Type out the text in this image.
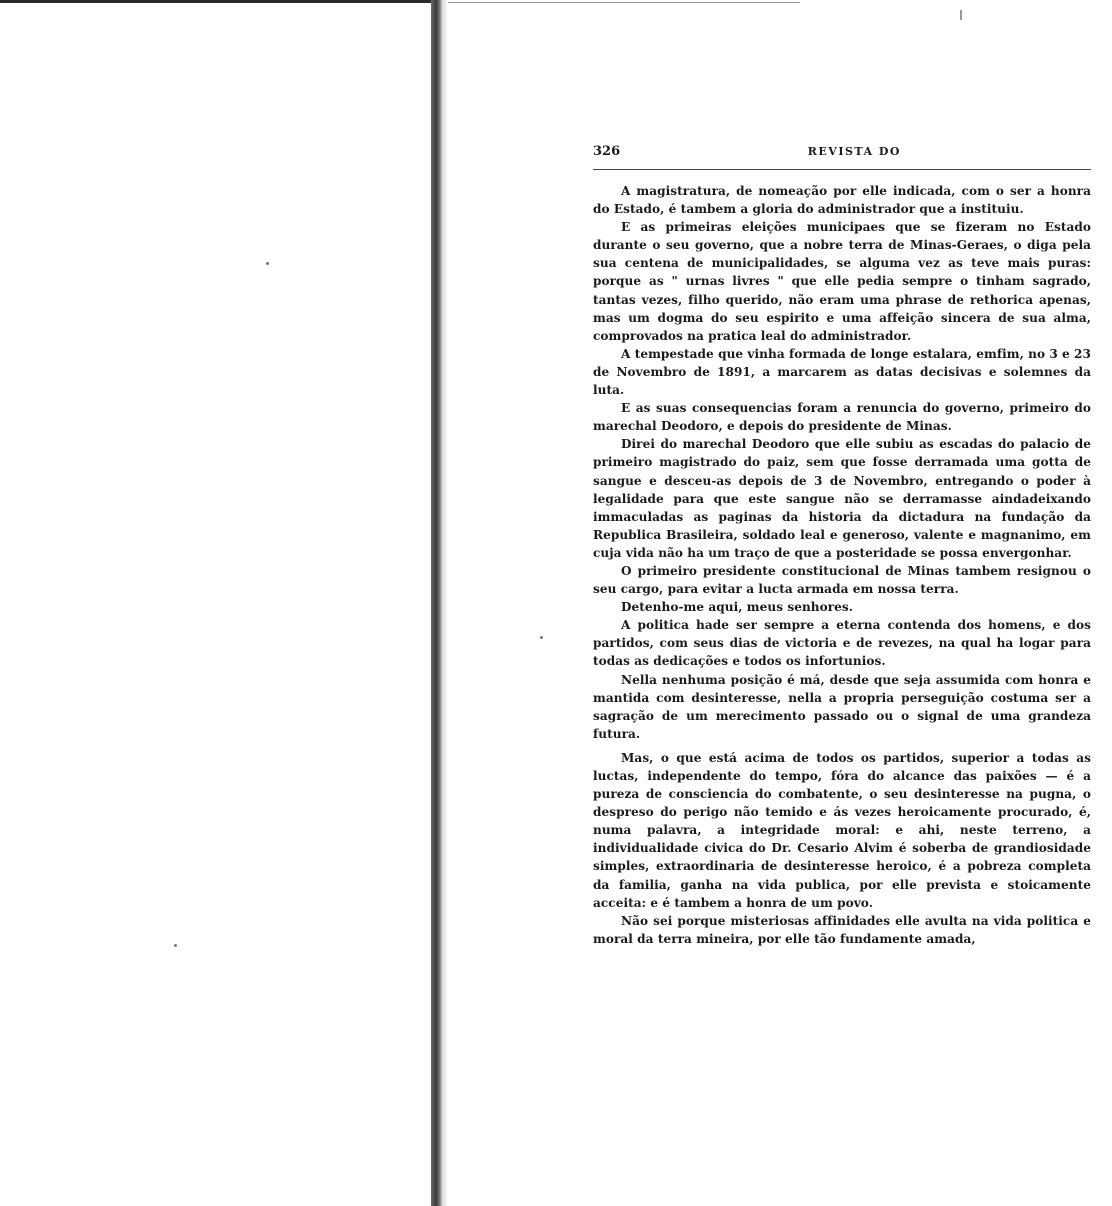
326	REVISTA DO

A magistratura, de nomeação por elle indicada, com o ser a honra do Estado, é tambem a gloria do administrador que a instituiu.

E as primeiras eleições municipaes que se fizeram no Estado durante o seu governo, que a nobre terra de Minas-Geraes, o diga pela sua centena de municipalidades, se alguma vez as teve mais puras: porque as " urnas livres " que elle pedia sempre o tinham sagrado, tantas vezes, filho querido, não eram uma phrase de rethorica apenas, mas um dogma do seu espirito e uma affeição sincera de sua alma, comprovados na pratica leal do administrador.

A tempestade que vinha formada de longe estalara, emfim, no 3 e 23 de Novembro de 1891, a marcarem as datas decisivas e solemnes da luta.

E as suas consequencias foram a renuncia do governo, primeiro do marechal Deodoro, e depois do presidente de Minas.

Direi do marechal Deodoro que elle subiu as escadas do palacio de primeiro magistrado do paiz, sem que fosse derramada uma gotta de sangue e desceu-as depois de 3 de Novembro, entregando o poder à legalidade para que este sangue não se derramasse aindadeixando immaculadas as paginas da historia da dictadura na fundação da Republica Brasileira, soldado leal e generoso, valente e magnanimo, em cuja vida não ha um traço de que a posteridade se possa envergonhar.

O primeiro presidente constitucional de Minas tambem resignou o seu cargo, para evitar a lucta armada em nossa terra.

Detenho-me aqui, meus senhores.

A politica hade ser sempre a eterna contenda dos homens, e dos partidos, com seus dias de victoria e de revezes, na qual ha logar para todas as dedicações e todos os infortunios.

Nella nenhuma posição é má, desde que seja assumida com honra e mantida com desinteresse, nella a propria perseguição costuma ser a sagração de um merecimento passado ou o signal de uma grandeza futura.

Mas, o que está acima de todos os partidos, superior a todas as luctas, independente do tempo, fóra do alcance das paixões — é a pureza de consciencia do combatente, o seu desinteresse na pugna, o despreso do perigo não temido e ás vezes heroicamente procurado, é, numa palavra, a integridade moral: e ahi, neste terreno, a individualidade civica do Dr. Cesario Alvim é soberba de grandiosidade simples, extraordinaria de desinteresse heroico, é a pobreza completa da familia, ganha na vida publica, por elle prevista e stoicamente acceita: e é tambem a honra de um povo.

Não sei porque misteriosas affinidades elle avulta na vida politica e moral da terra mineira, por elle tão fundamente amada,
